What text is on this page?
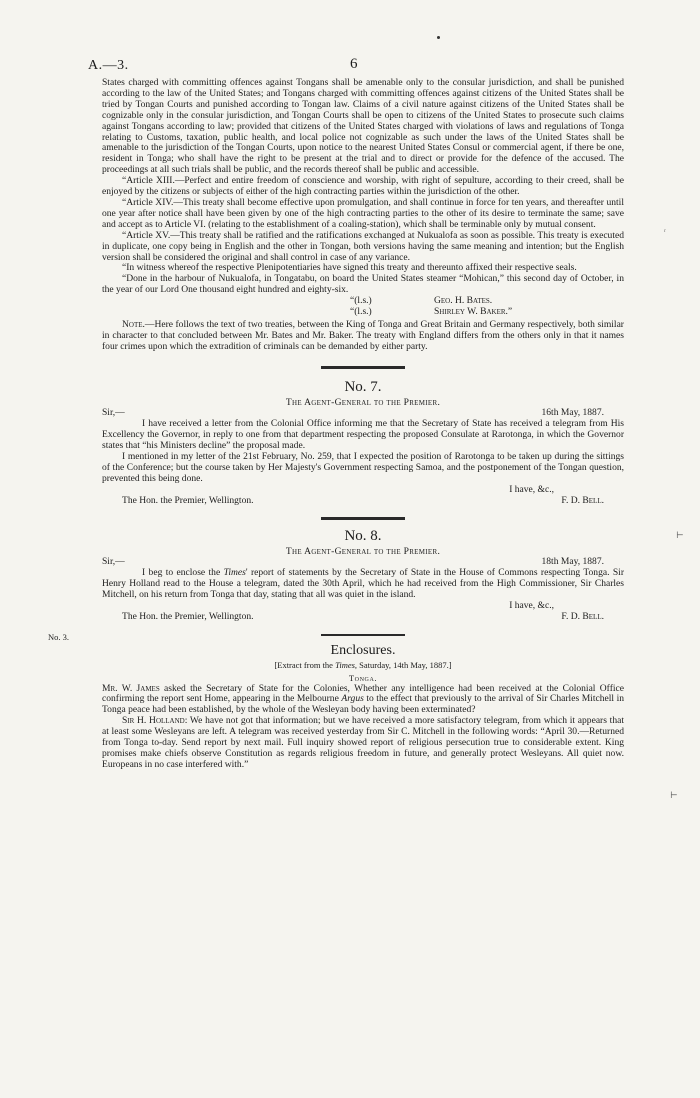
A.—3.	6
No. 3.
ᵣ
⊢
⊢

States charged with committing offences against Tongans shall be amenable only to the consular jurisdiction, and shall be punished according to the law of the United States; and Tongans charged with committing offences against citizens of the United States shall be tried by Tongan Courts and punished according to Tongan law. Claims of a civil nature against citizens of the United States shall be cognizable only in the consular jurisdiction, and Tongan Courts shall be open to citizens of the United States to prosecute such claims against Tongans according to law; provided that citizens of the United States charged with violations of laws and regulations of Tonga relating to Customs, taxation, public health, and local police not cognizable as such under the laws of the United States shall be amenable to the jurisdiction of the Tongan Courts, upon notice to the nearest United States Consul or commercial agent, if there be one, resident in Tonga; who shall have the right to be present at the trial and to direct or provide for the defence of the accused. The proceedings at all such trials shall be public, and the records thereof shall be public and accessible.

“Article XIII.—Perfect and entire freedom of conscience and worship, with right of sepulture, according to their creed, shall be enjoyed by the citizens or subjects of either of the high contracting parties within the jurisdiction of the other.

“Article XIV.—This treaty shall become effective upon promulgation, and shall continue in force for ten years, and thereafter until one year after notice shall have been given by one of the high contracting parties to the other of its desire to terminate the same; save and accept as to Article VI. (relating to the establishment of a coaling-station), which shall be terminable only by mutual consent.

“Article XV.—This treaty shall be ratified and the ratifications exchanged at Nukualofa as soon as possible. This treaty is executed in duplicate, one copy being in English and the other in Tongan, both versions having the same meaning and intention; but the English version shall be considered the original and shall control in case of any variance.

“In witness whereof the respective Plenipotentiaries have signed this treaty and thereunto affixed their respective seals.

“Done in the harbour of Nukualofa, in Tongatabu, on board the United States steamer “Mohican,” this second day of October, in the year of our Lord One thousand eight hundred and eighty-six.

“(l.s.)	Geo. H. Bates.

“(l.s.)	Shirley W. Baker.”

Note.—Here follows the text of two treaties, between the King of Tonga and Great Britain and Germany respectively, both similar in character to that concluded between Mr. Bates and Mr. Baker. The treaty with England differs from the others only in that it names four crimes upon which the extradition of criminals can be demanded by either party.

No. 7.

The Agent-General to the Premier.

Sir,—	16th May, 1887.

I have received a letter from the Colonial Office informing me that the Secretary of State has received a telegram from His Excellency the Governor, in reply to one from that department respecting the proposed Consulate at Rarotonga, in which the Governor states that “his Ministers decline” the proposal made.

I mentioned in my letter of the 21st February, No. 259, that I expected the position of Rarotonga to be taken up during the sittings of the Conference; but the course taken by Her Majesty's Government respecting Samoa, and the postponement of the Tongan question, prevented this being done.

I have, &c.,

The Hon. the Premier, Wellington.	F. D. Bell.

No. 8.

The Agent-General to the Premier.

Sir,—	18th May, 1887.

I beg to enclose the Times' report of statements by the Secretary of State in the House of Commons respecting Tonga. Sir Henry Holland read to the House a telegram, dated the 30th April, which he had received from the High Commissioner, Sir Charles Mitchell, on his return from Tonga that day, stating that all was quiet in the island.

I have, &c.,

The Hon. the Premier, Wellington.	F. D. Bell.

Enclosures.

[Extract from the Times, Saturday, 14th May, 1887.]

Tonga.

Mr. W. James asked the Secretary of State for the Colonies, Whether any intelligence had been received at the Colonial Office confirming the report sent Home, appearing in the Melbourne Argus to the effect that previously to the arrival of Sir Charles Mitchell in Tonga peace had been established, by the whole of the Wesleyan body having been exterminated?

Sir H. Holland: We have not got that information; but we have received a more satisfactory telegram, from which it appears that at least some Wesleyans are left. A telegram was received yesterday from Sir C. Mitchell in the following words: “April 30.—Returned from Tonga to-day. Send report by next mail. Full inquiry showed report of religious persecution true to considerable extent. King promises make chiefs observe Constitution as regards religious freedom in future, and generally protect Wesleyans. All quiet now. Europeans in no case interfered with.”
